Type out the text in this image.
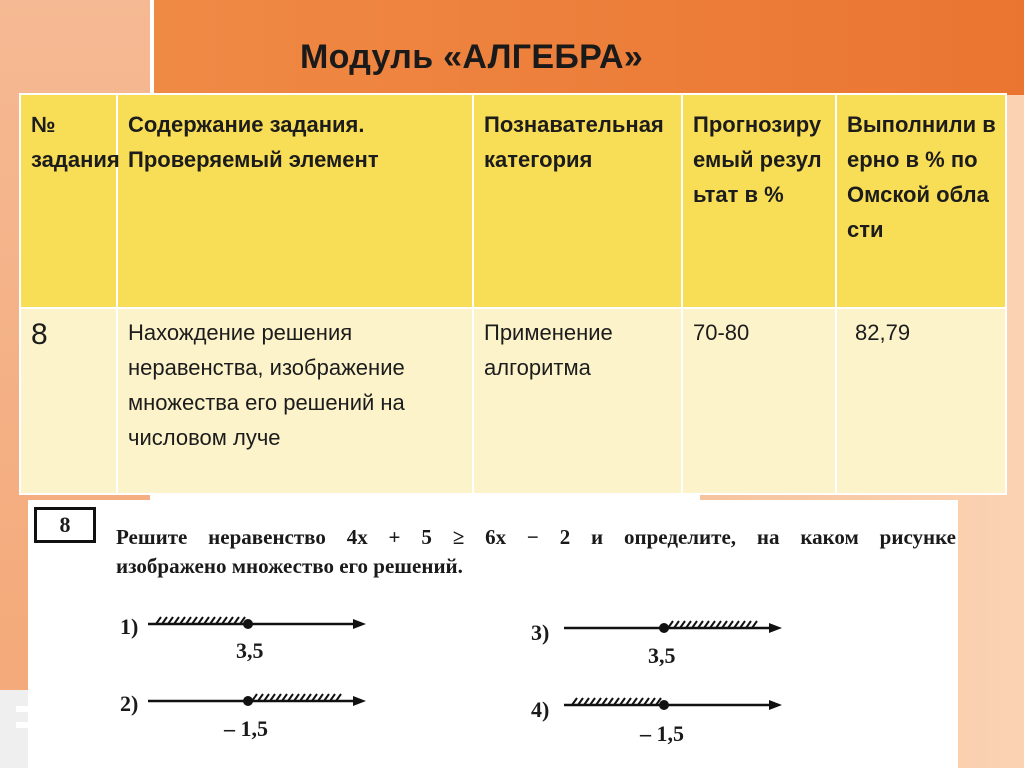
Модуль «АЛГЕБРА»
№ задания	Содержание задания. Проверяемый элемент	Познавательная категория	Прогнозируемый результат в %	Выполнили верно в % по Омской области
8	Нахождение решения неравенства, изображение множества его решений на числовом луче	Применение алгоритма	70-80	82,79
8	Решите неравенство 4x + 5 ≥ 6x − 2 и определите, на каком рисунке

изображено множество его решений.

1)
3,5
2)
– 1,5
3)
3,5
4)
– 1,5
